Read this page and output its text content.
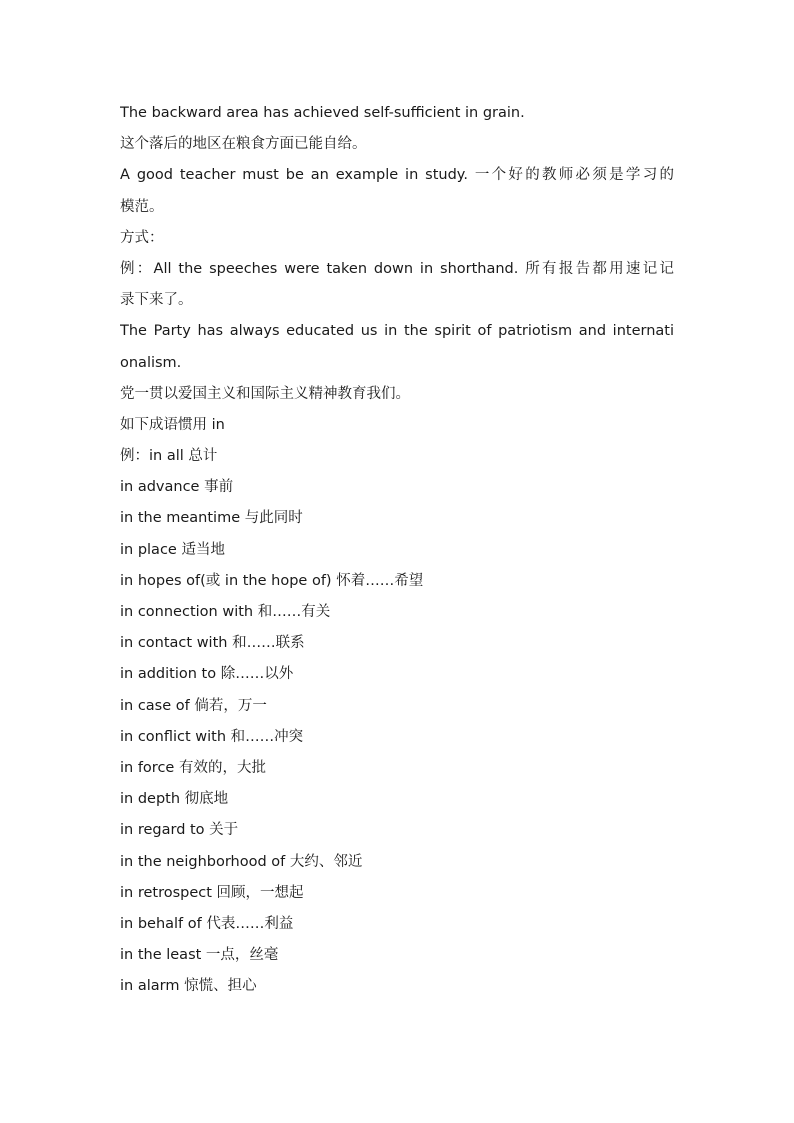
The backward area has achieved self-sufficient in grain.
这个落后的地区在粮食方面已能自给。
A good teacher must be an example in study. 一个好的教师必须是学习的
模范。
方式：
例：All the speeches were taken down in shorthand. 所有报告都用速记记
录下来了。
The Party has always educated us in the spirit of patriotism and internati
onalism.
党一贯以爱国主义和国际主义精神教育我们。
如下成语惯用 in
例：in all 总计
in advance 事前
in the meantime 与此同时
in place 适当地
in hopes of(或 in the hope of) 怀着……希望
in connection with 和……有关
in contact with 和……联系
in addition to 除……以外
in case of 倘若，万一
in conflict with 和……冲突
in force 有效的，大批
in depth 彻底地
in regard to 关于
in the neighborhood of 大约、邻近
in retrospect 回顾，一想起
in behalf of 代表……利益
in the least 一点，丝毫
in alarm 惊慌、担心
